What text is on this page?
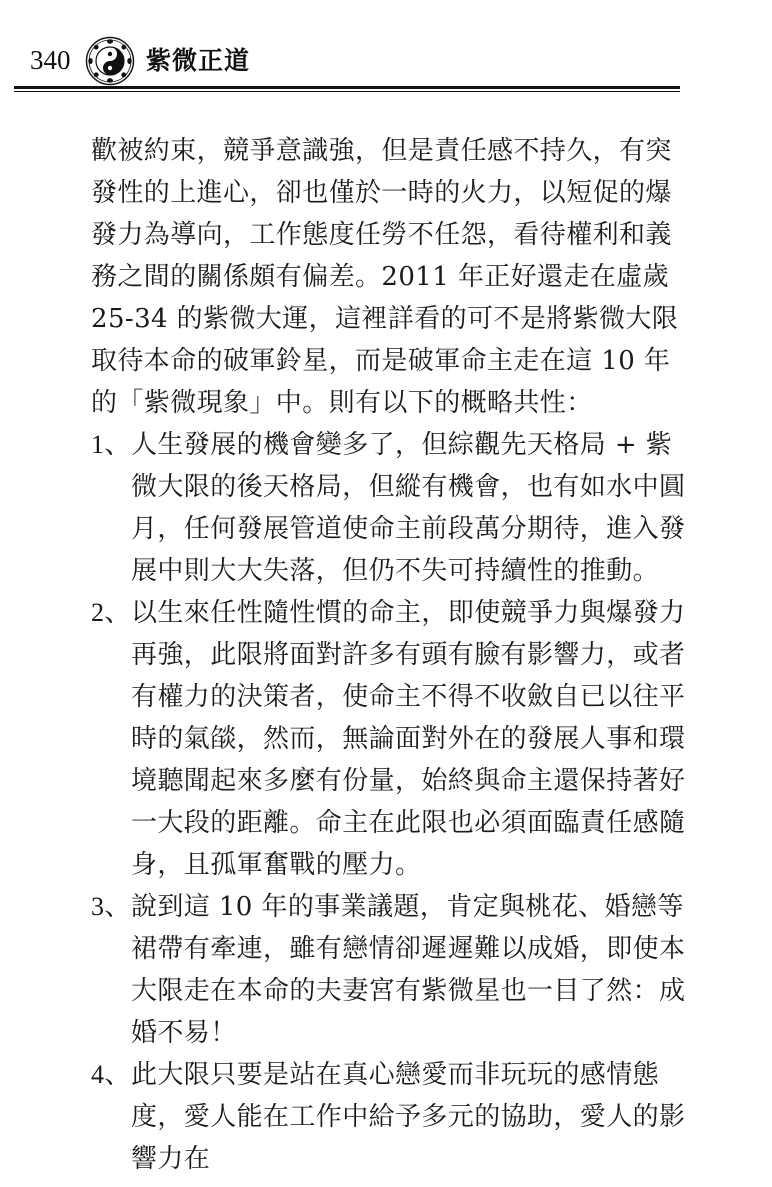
340	紫微正道

歡被約束，競爭意識強，但是責任感不持久，有突發性的上進心，卻也僅於一時的火力，以短促的爆發力為導向，工作態度任勞不任怨，看待權利和義務之間的關係頗有偏差。2011 年正好還走在虛歲 25-34 的紫微大運，這裡詳看的可不是將紫微大限取待本命的破軍鈴星，而是破軍命主走在這 10 年的「紫微現象」中。則有以下的概略共性：

1、 人生發展的機會變多了，但綜觀先天格局 + 紫微大限的後天格局，但縱有機會，也有如水中圓月，任何發展管道使命主前段萬分期待，進入發展中則大大失落，但仍不失可持續性的推動。
2、 以生來任性隨性慣的命主，即使競爭力與爆發力再強，此限將面對許多有頭有臉有影響力，或者有權力的決策者，使命主不得不收斂自已以往平時的氣燄，然而，無論面對外在的發展人事和環境聽聞起來多麼有份量，始終與命主還保持著好一大段的距離。命主在此限也必須面臨責任感隨身，且孤軍奮戰的壓力。
3、 說到這 10 年的事業議題，肯定與桃花、婚戀等裙帶有牽連，雖有戀情卻遲遲難以成婚，即使本大限走在本命的夫妻宮有紫微星也一目了然：成婚不易！
4、 此大限只要是站在真心戀愛而非玩玩的感情態度，愛人能在工作中給予多元的協助，愛人的影響力在
